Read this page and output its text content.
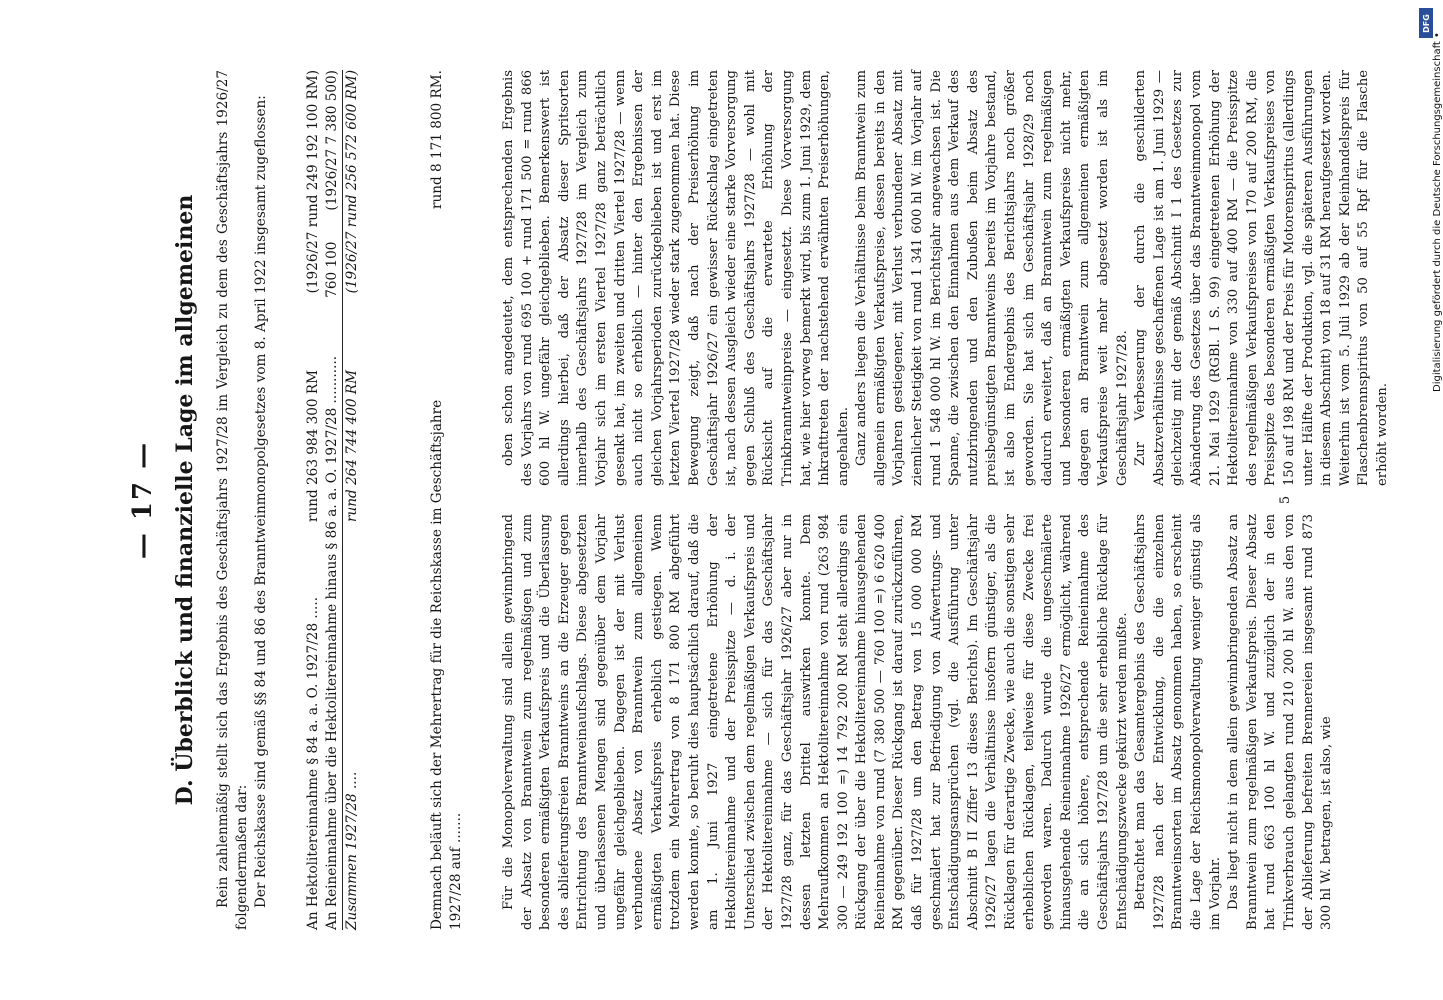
— 17 — D. Überblick und finanzielle Lage im allgemeinen Rein zahlenmäßig stellt sich das Ergebnis des Geschäftsjahrs 1927/28 im Vergleich zu dem des Geschäftsjahrs 1926/27 folgendermaßen dar: Der Reichskasse sind gemäß §§ 84 und 86 des Branntweinmonopolgesetzes vom 8. April 1922 insgesamt zugeflossen:	An Hektolitereinnahme § 84 a. a. O. 1927/28 .....
rund 263 984 300 RM
(1926/27 rund 249 192 100 RM)
An Reineinnahme über die Hektolitereinnahme hinaus § 86 a. a. O. 1927/28 ...........
760 100
(1926/27 7 380 500)
Zusammen 1927/28 ....
rund 264 744 400 RM
(1926/27 rund 256 572 600 RM)
Demnach beläuft sich der Mehrertrag für die Reichskasse im Geschäftsjahre 1927/28 auf .......
rund 8 171 800 RM.

Für die Monopolverwaltung sind allein gewinnbringend der Absatz von Branntwein zum regelmäßigen und zum besonderen ermäßigten Verkaufspreis und die Überlassung des ablieferungsfreien Branntweins an die Erzeuger gegen Entrichtung des Branntweinaufschlags. Diese abgesetzten und überlassenen Mengen sind gegenüber dem Vorjahr ungefähr gleichgeblieben. Dagegen ist der mit Verlust verbundene Absatz von Branntwein zum allgemeinen ermäßigten Verkaufspreis erheblich gestiegen. Wenn trotzdem ein Mehrertrag von 8 171 800 RM abgeführt werden konnte, so beruht dies hauptsächlich darauf, daß die am 1. Juni 1927 eingetretene Erhöhung der Hektolitereinnahme und der Preisspitze — d. i. der Unterschied zwischen dem regelmäßigen Verkaufspreis und der Hektolitereinnahme — sich für das Geschäftsjahr 1927/28 ganz, für das Geschäftsjahr 1926/27 aber nur in dessen letzten Drittel auswirken konnte. Dem Mehraufkommen an Hektolitereinnahme von rund (263 984 300 — 249 192 100 =) 14 792 200 RM steht allerdings ein Rückgang der über die Hektolitereinnahme hinausgehenden Reineinnahme von rund (7 380 500 — 760 100 =) 6 620 400 RM gegenüber. Dieser Rückgang ist darauf zurückzuführen, daß für 1927/28 um den Betrag von 15 000 000 RM geschmälert hat zur Befriedigung von Aufwertungs- und Entschädigungsansprüchen (vgl. die Ausführung unter Abschnitt B II Ziffer 13 dieses Berichts). Im Geschäftsjahr 1926/27 lagen die Verhältnisse insofern günstiger, als die Rücklagen für derartige Zwecke, wie auch die sonstigen sehr erheblichen Rücklagen, teilweise für diese Zwecke frei geworden waren. Dadurch wurde die ungeschmälerte hinausgehende Reineinnahme 1926/27 ermöglicht, während die an sich höhere, entsprechende Reineinnahme des Geschäftsjahrs 1927/28 um die sehr erhebliche Rücklage für Entschädigungszwecke gekürzt werden mußte. Betrachtet man das Gesamtergebnis des Geschäftsjahrs 1927/28 nach der Entwicklung, die die einzelnen Branntweinsorten im Absatz genommen haben, so erscheint die Lage der Reichsmonopolverwaltung weniger günstig als im Vorjahr. Das liegt nicht in dem allein gewinnbringenden Absatz an Branntwein zum regelmäßigen Verkaufspreis. Dieser Absatz hat rund 663 100 hl W. und zuzüglich der in den Trinkverbrauch gelangten rund 210 200 hl W. aus den von der Ablieferung befreiten Brennereien insgesamt rund 873 300 hl W. betragen, ist also, wie

oben schon angedeutet, dem entsprechenden Ergebnis des Vorjahrs von rund 695 100 + rund 171 500 = rund 866 600 hl W. ungefähr gleichgeblieben. Bemerkenswert ist allerdings hierbei, daß der Absatz dieser Spritsorten innerhalb des Geschäftsjahrs 1927/28 im Vergleich zum Vorjahr sich im ersten Viertel 1927/28 ganz beträchtlich gesenkt hat, im zweiten und dritten Viertel 1927/28 — wenn auch nicht so erheblich — hinter den Ergebnissen der gleichen Vorjahrsperioden zurückgeblieben ist und erst im letzten Viertel 1927/28 wieder stark zugenommen hat. Diese Bewegung zeigt, daß nach der Preiserhöhung im Geschäftsjahr 1926/27 ein gewisser Rückschlag eingetreten ist, nach dessen Ausgleich wieder eine starke Vorversorgung gegen Schluß des Geschäftsjahrs 1927/28 — wohl mit Rücksicht auf die erwartete Erhöhung der Trinkbranntweinpreise — eingesetzt. Diese Vorversorgung hat, wie hier vorweg bemerkt wird, bis zum 1. Juni 1929, dem Inkrafttreten der nachstehend erwähnten Preiserhöhungen, angehalten. Ganz anders liegen die Verhältnisse beim Branntwein zum allgemein ermäßigten Verkaufspreise, dessen bereits in den Vorjahren gestiegener, mit Verlust verbundener Absatz mit ziemlicher Stetigkeit von rund 1 341 600 hl W. im Vorjahr auf rund 1 548 000 hl W. im Berichtsjahr angewachsen ist. Die Spanne, die zwischen den Einnahmen aus dem Verkauf des nutzbringenden und den Zubußen beim Absatz des preisbegünstigten Branntweins bereits im Vorjahre bestand, ist also im Endergebnis des Berichtsjahrs noch größer geworden. Sie hat sich im Geschäftsjahr 1928/29 noch dadurch erweitert, daß an Branntwein zum regelmäßigen und besonderen ermäßigten Verkaufspreise nicht mehr, dagegen an Branntwein zum allgemeinen ermäßigten Verkaufspreise weit mehr abgesetzt worden ist als im Geschäftsjahr 1927/28. Zur Verbesserung der durch die geschilderten Absatzverhältnisse geschaffenen Lage ist am 1. Juni 1929 — gleichzeitig mit der gemäß Abschnitt I 1 des Gesetzes zur Abänderung des Gesetzes über das Branntweinmonopol vom 21. Mai 1929 (RGBl. I S. 99) eingetretenen Erhöhung der Hektolitereinnahme von 330 auf 400 RM — die Preisspitze des regelmäßigen Verkaufspreises von 170 auf 200 RM, die Preisspitze des besonderen ermäßigten Verkaufspreises von 150 auf 198 RM und der Preis für Motorenspiritus (allerdings unter Hälfte der Produktion, vgl. die späteren Ausführungen in diesem Abschnitt) von 18 auf 31 RM heraufgesetzt worden. Weiterhin ist vom 5. Juli 1929 ab der Kleinhandelspreis für Flaschenbrennspiritus von 50 auf 55 Rpf für die Flasche erhöht worden.

5
DFG
Digitalisierung gefördert durch die Deutsche Forschungsgemeinschaft •
